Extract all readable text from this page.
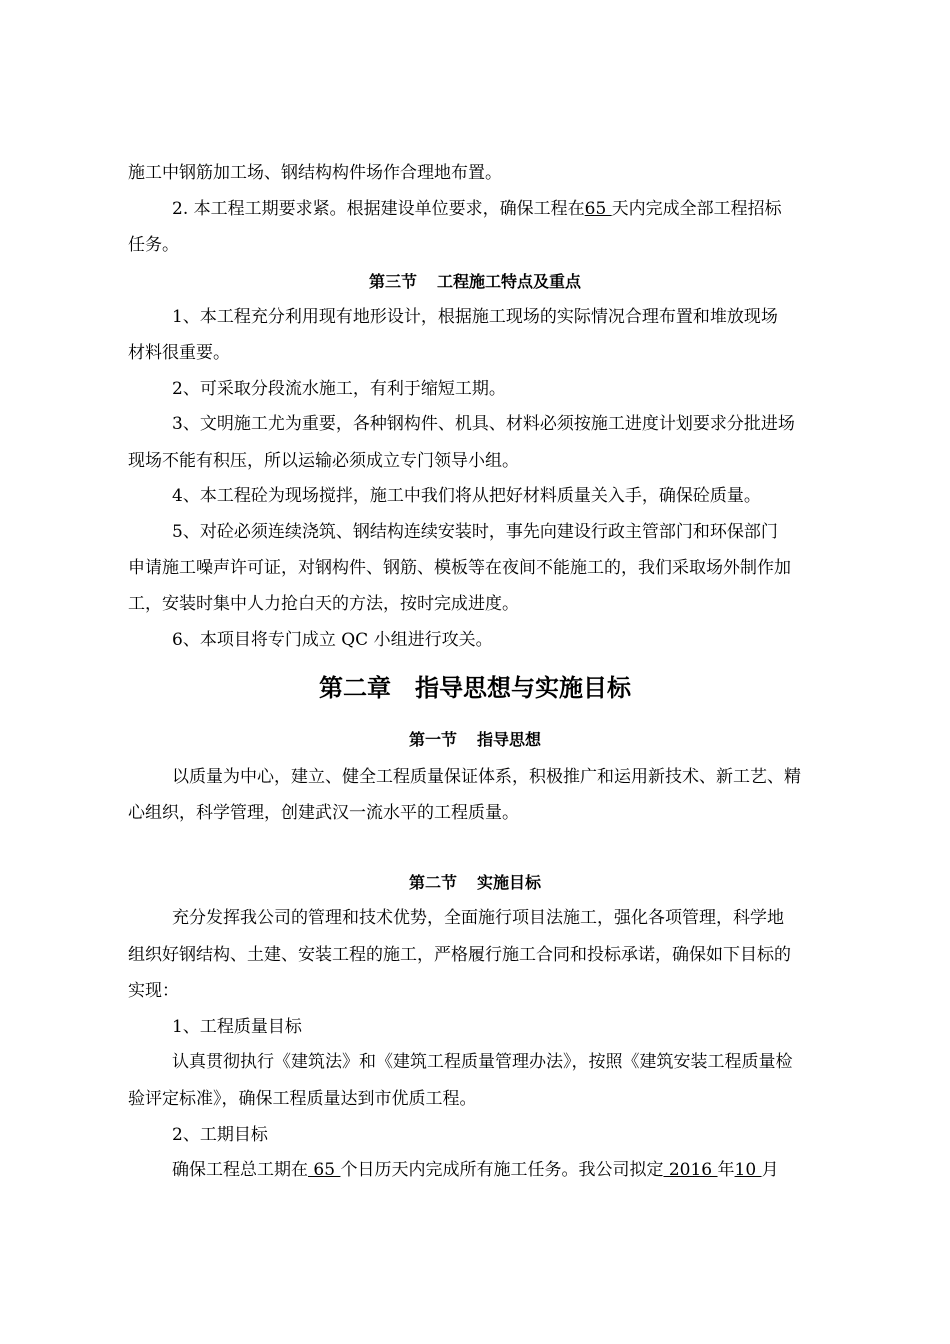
施工中钢筋加工场、钢结构构件场作合理地布置。
2. 本工程工期要求紧。根据建设单位要求，确保工程在65 天内完成全部工程招标
任务。
第三节 工程施工特点及重点
1、本工程充分利用现有地形设计，根据施工现场的实际情况合理布置和堆放现场
材料很重要。
2、可采取分段流水施工，有利于缩短工期。
3、文明施工尤为重要，各种钢构件、机具、材料必须按施工进度计划要求分批进场
现场不能有积压，所以运输必须成立专门领导小组。
4、本工程砼为现场搅拌，施工中我们将从把好材料质量关入手，确保砼质量。
5、对砼必须连续浇筑、钢结构连续安装时，事先向建设行政主管部门和环保部门
申请施工噪声许可证，对钢构件、钢筋、模板等在夜间不能施工的，我们采取场外制作加
工，安装时集中人力抢白天的方法，按时完成进度。
6、本项目将专门成立 QC 小组进行攻关。
第二章 指导思想与实施目标
第一节 指导思想
以质量为中心，建立、健全工程质量保证体系，积极推广和运用新技术、新工艺、精
心组织，科学管理，创建武汉一流水平的工程质量。
第二节 实施目标
充分发挥我公司的管理和技术优势，全面施行项目法施工，强化各项管理，科学地
组织好钢结构、土建、安装工程的施工，严格履行施工合同和投标承诺，确保如下目标的
实现：
1、工程质量目标
认真贯彻执行《建筑法》和《建筑工程质量管理办法》，按照《建筑安装工程质量检
验评定标准》，确保工程质量达到市优质工程。
2、工期目标
确保工程总工期在 65 个日历天内完成所有施工任务。我公司拟定 2016 年10 月
